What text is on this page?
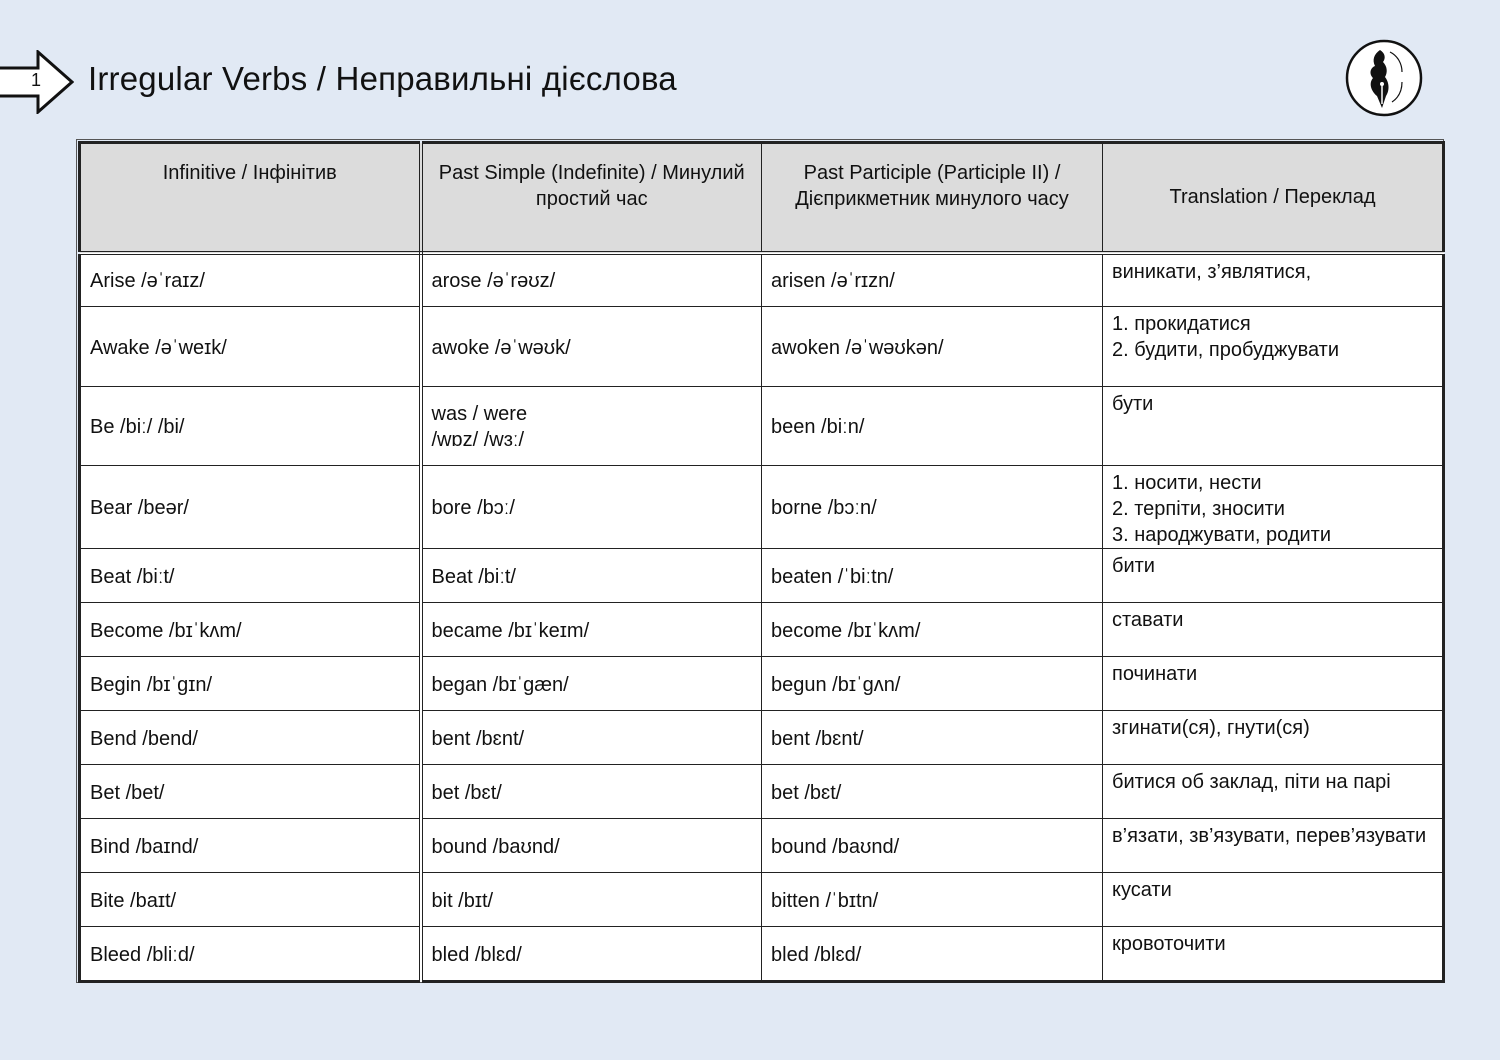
1 Irregular Verbs / Неправильні дієслова
Infinitive / Інфінітив	Past Simple (Indefinite) / Минулий простий час	Past Participle (Participle II) / Дієприкметник минулого часу	Translation / Переклад
Arise /əˈraɪz/	arose /əˈrəʊz/	arisen /əˈrɪzn/	виникати, з’являтися,
Awake /əˈweɪk/	awoke /əˈwəʊk/	awoken /əˈwəʊkən/	1. прокидатися
2. будити, пробуджувати
Be /biː/ /bi/	was / were
/wɒz/ /wɜː/	been /biːn/	бути
Bear /beər/	bore /bɔː/	borne /bɔːn/	1. носити, нести
2. терпіти, зносити
3. народжувати, родити
Beat /biːt/	Beat /biːt/	beaten /ˈbiːtn/	бити
Become /bɪˈkʌm/	became /bɪˈkeɪm/	become /bɪˈkʌm/	ставати
Begin /bɪˈgɪn/	began /bɪˈgæn/	begun /bɪˈgʌn/	починати
Bend /bend/	bent /bɛnt/	bent /bɛnt/	згинати(ся), гнути(ся)
Bet /bet/	bet /bɛt/	bet /bɛt/	битися об заклад, піти на парі
Bind /baɪnd/	bound /baʊnd/	bound /baʊnd/	в’язати, зв’язувати, перев’язувати
Bite /baɪt/	bit /bɪt/	bitten /ˈbɪtn/	кусати
Bleed /bliːd/	bled /blɛd/	bled /blɛd/	кровоточити
